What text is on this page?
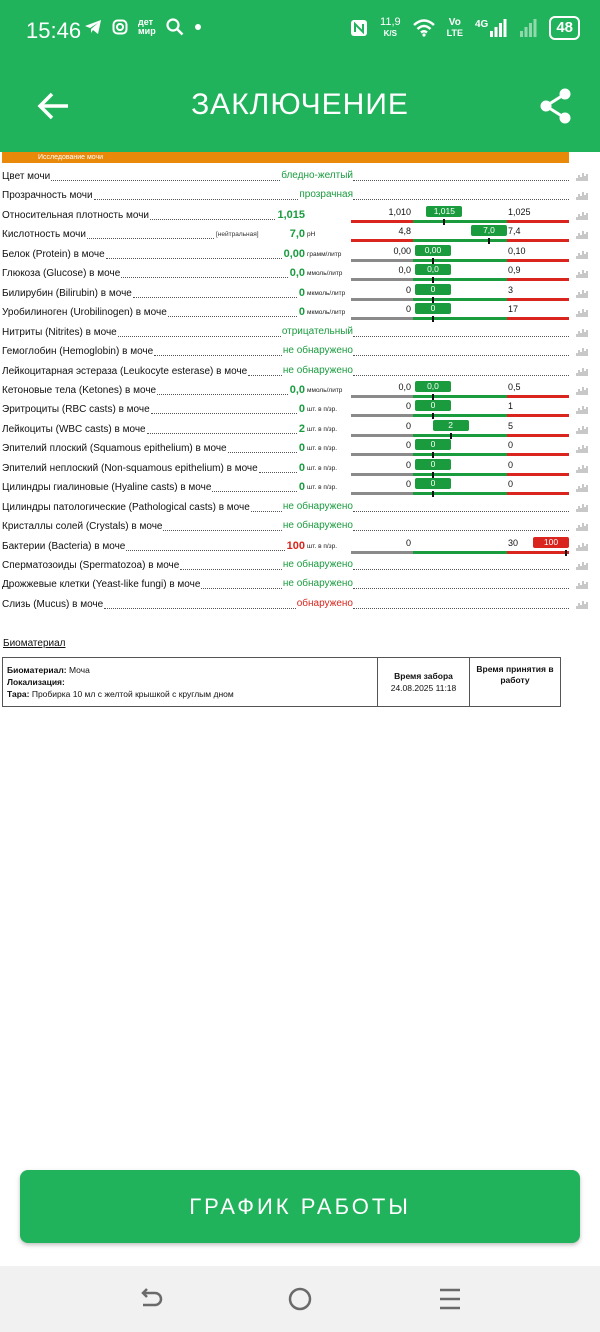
15:46	дет мир
11,9
K/S
Vo
LTE
4G	48
ЗАКЛЮЧЕНИЕ
Исследование мочи
Цвет мочи	бледно-желтый
Прозрачность мочи	прозрачная
Относительная плотность мочи	1,015	1,010	1,025
1,015
Кислотность мочи	[нейтральная]	7,0 pH	4,8	7,4
7,0
Белок (Protein) в моче	0,00 грамм/литр	0,00	0,10
0,00
Глюкоза (Glucose) в моче	0,0 ммоль/литр	0,0	0,9
0,0
Билирубин (Bilirubin) в моче	0 мкмоль/литр	0	3
0
Уробилиноген (Urobilinogen) в моче	0 мкмоль/литр	0	17
0
Нитриты (Nitrites) в моче	отрицательный
Гемоглобин (Hemoglobin) в моче	не обнаружено
Лейкоцитарная эстераза (Leukocyte esterase) в моче	не обнаружено
Кетоновые тела (Ketones) в моче	0,0 ммоль/литр	0,0	0,5
0,0
Эритроциты (RBC casts) в моче	0 шт. в п/зр.	0	1
0
Лейкоциты (WBC casts) в моче	2 шт. в п/зр.	0	5
2
Эпителий плоский (Squamous epithelium) в моче	0 шт. в п/зр.	0	0
0
Эпителий неплоский (Non-squamous epithelium) в моче	0 шт. в п/зр.	0	0
0
Цилиндры гиалиновые (Hyaline casts) в моче	0 шт. в п/зр.	0	0
0
Цилиндры патологические (Pathological casts) в моче	не обнаружено
Кристаллы солей (Crystals) в моче	не обнаружено
Бактерии (Bacteria) в моче	100 шт. в п/зр.	0	30	100
Сперматозоиды (Spermatozoa) в моче	не обнаружено
Дрожжевые клетки (Yeast-like fungi) в моче	не обнаружено
Слизь (Mucus) в моче	обнаружено
Биоматериал
Биоматериал: Моча
Локализация:
Тара: Пробирка 10 мл с желтой крышкой с круглым дном
Время забора
24.08.2025 11:18
Время принятия в работу
ГРАФИК РАБОТЫ
